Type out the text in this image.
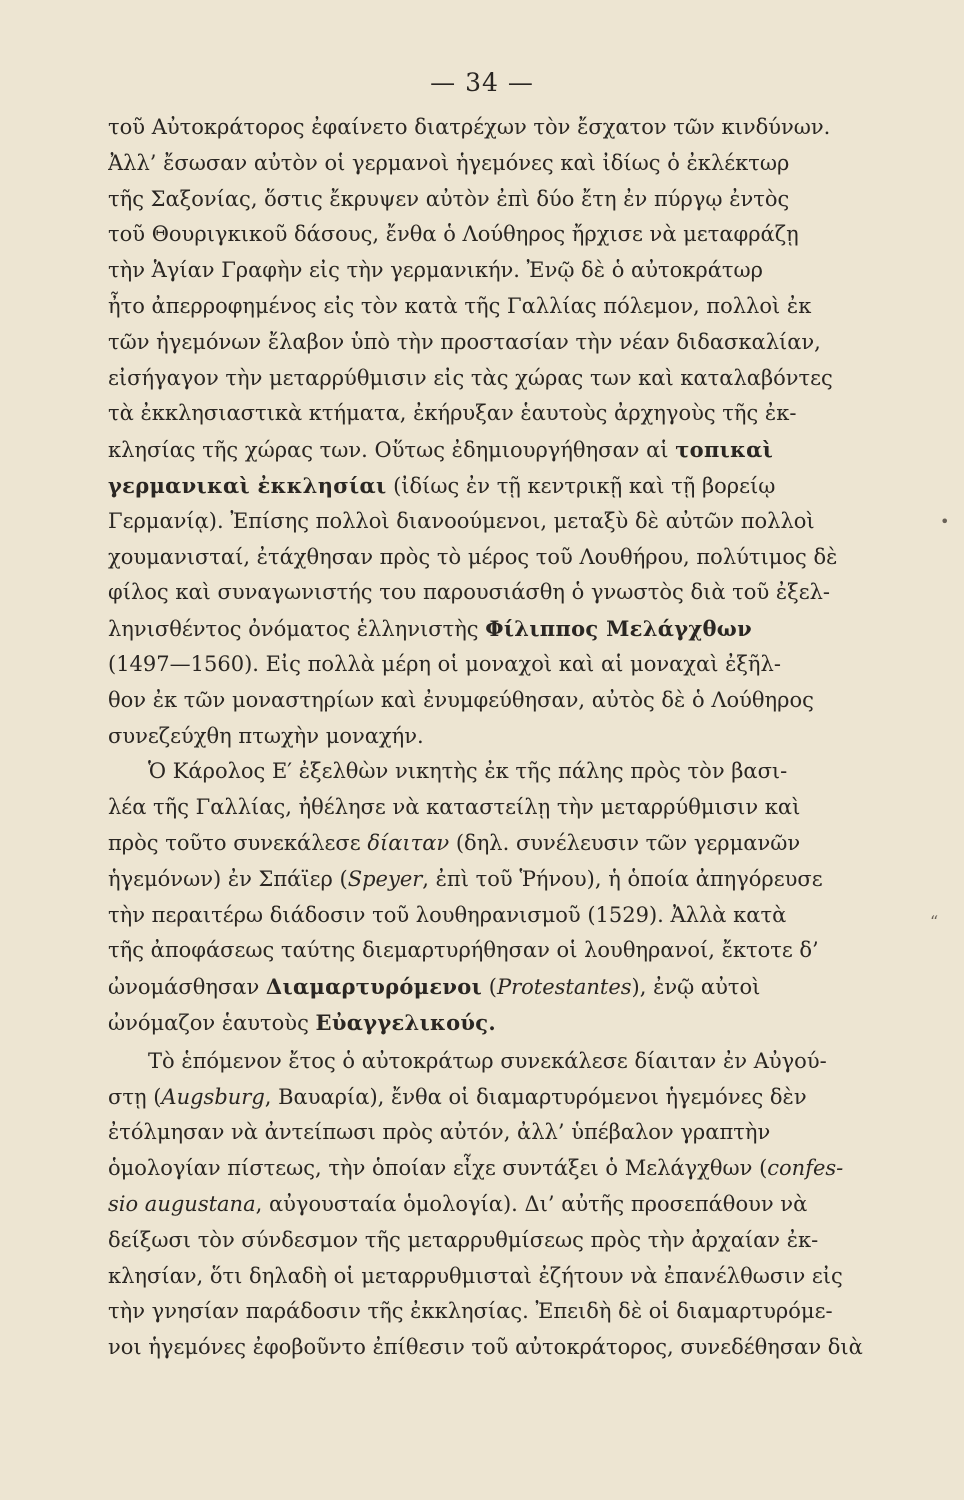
— 34 —
τοῦ Αὐτοκράτορος ἐφαίνετο διατρέχων τὸν ἔσχατον τῶν κινδύνων.
Ἀλλ’ ἔσωσαν αὐτὸν οἱ γερμανοὶ ἡγεμόνες καὶ ἰδίως ὁ ἐκλέκτωρ
τῆς Σαξονίας, ὅστις ἔκρυψεν αὐτὸν ἐπὶ δύο ἔτη ἐν πύργῳ ἐντὸς
τοῦ Θουριγκικοῦ δάσους, ἔνθα ὁ Λούθηρος ἤρχισε νὰ μεταφράζῃ
τὴν Ἁγίαν Γραφὴν εἰς τὴν γερμανικήν. Ἐνῷ δὲ ὁ αὐτοκράτωρ
ἦτο ἀπερροφημένος εἰς τὸν κατὰ τῆς Γαλλίας πόλεμον, πολλοὶ ἐκ
τῶν ἡγεμόνων ἔλαβον ὑπὸ τὴν προστασίαν τὴν νέαν διδασκαλίαν,
εἰσήγαγον τὴν μεταρρύθμισιν εἰς τὰς χώρας των καὶ καταλαβόντες
τὰ ἐκκλησιαστικὰ κτήματα, ἐκήρυξαν ἑαυτοὺς ἀρχηγοὺς τῆς ἐκ-
κλησίας τῆς χώρας των. Οὕτως ἐδημιουργήθησαν αἱ τοπικαὶ
γερμανικαὶ ἐκκλησίαι (ἰδίως ἐν τῇ κεντρικῇ καὶ τῇ βορείῳ
Γερμανίᾳ). Ἐπίσης πολλοὶ διανοούμενοι, μεταξὺ δὲ αὐτῶν πολλοὶ
χουμανισταί, ἐτάχθησαν πρὸς τὸ μέρος τοῦ Λουθήρου, πολύτιμος δὲ
φίλος καὶ συναγωνιστής του παρουσιάσθη ὁ γνωστὸς διὰ τοῦ ἐξελ-
ληνισθέντος ὀνόματος ἑλληνιστὴς Φίλιππος Μελάγχθων
(1497—1560). Εἰς πολλὰ μέρη οἱ μοναχοὶ καὶ αἱ μοναχαὶ ἐξῆλ-
θον ἐκ τῶν μοναστηρίων καὶ ἐνυμφεύθησαν, αὐτὸς δὲ ὁ Λούθηρος
συνεζεύχθη πτωχὴν μοναχήν.
Ὁ Κάρολος Ε′ ἐξελθὼν νικητὴς ἐκ τῆς πάλης πρὸς τὸν βασι-
λέα τῆς Γαλλίας, ἠθέλησε νὰ καταστείλῃ τὴν μεταρρύθμισιν καὶ
πρὸς τοῦτο συνεκάλεσε δίαιταν (δηλ. συνέλευσιν τῶν γερμανῶν
ἡγεμόνων) ἐν Σπάϊερ (Speyer, ἐπὶ τοῦ Ῥήνου), ἡ ὁποία ἀπηγόρευσε
τὴν περαιτέρω διάδοσιν τοῦ λουθηρανισμοῦ (1529). Ἀλλὰ κατὰ
τῆς ἀποφάσεως ταύτης διεμαρτυρήθησαν οἱ λουθηρανοί, ἔκτοτε δ’
ὠνομάσθησαν Διαμαρτυρόμενοι (Protestantes), ἐνῷ αὐτοὶ
ὠνόμαζον ἑαυτοὺς Εὐαγγελικούς.
Τὸ ἑπόμενον ἔτος ὁ αὐτοκράτωρ συνεκάλεσε δίαιταν ἐν Αὐγού-
στῃ (Augsburg, Βαυαρία), ἔνθα οἱ διαμαρτυρόμενοι ἡγεμόνες δὲν
ἐτόλμησαν νὰ ἀντείπωσι πρὸς αὐτόν, ἀλλ’ ὑπέβαλον γραπτὴν
ὁμολογίαν πίστεως, τὴν ὁποίαν εἶχε συντάξει ὁ Μελάγχθων (confes-
sio augustana, αὐγουσταία ὁμολογία). Δι’ αὐτῆς προσεπάθουν νὰ
δείξωσι τὸν σύνδεσμον τῆς μεταρρυθμίσεως πρὸς τὴν ἀρχαίαν ἐκ-
κλησίαν, ὅτι δηλαδὴ οἱ μεταρρυθμισταὶ ἐζήτουν νὰ ἐπανέλθωσιν εἰς
τὴν γνησίαν παράδοσιν τῆς ἐκκλησίας. Ἐπειδὴ δὲ οἱ διαμαρτυρόμε-
νοι ἡγεμόνες ἐφοβοῦντο ἐπίθεσιν τοῦ αὐτοκράτορος, συνεδέθησαν διὰ
•
“
